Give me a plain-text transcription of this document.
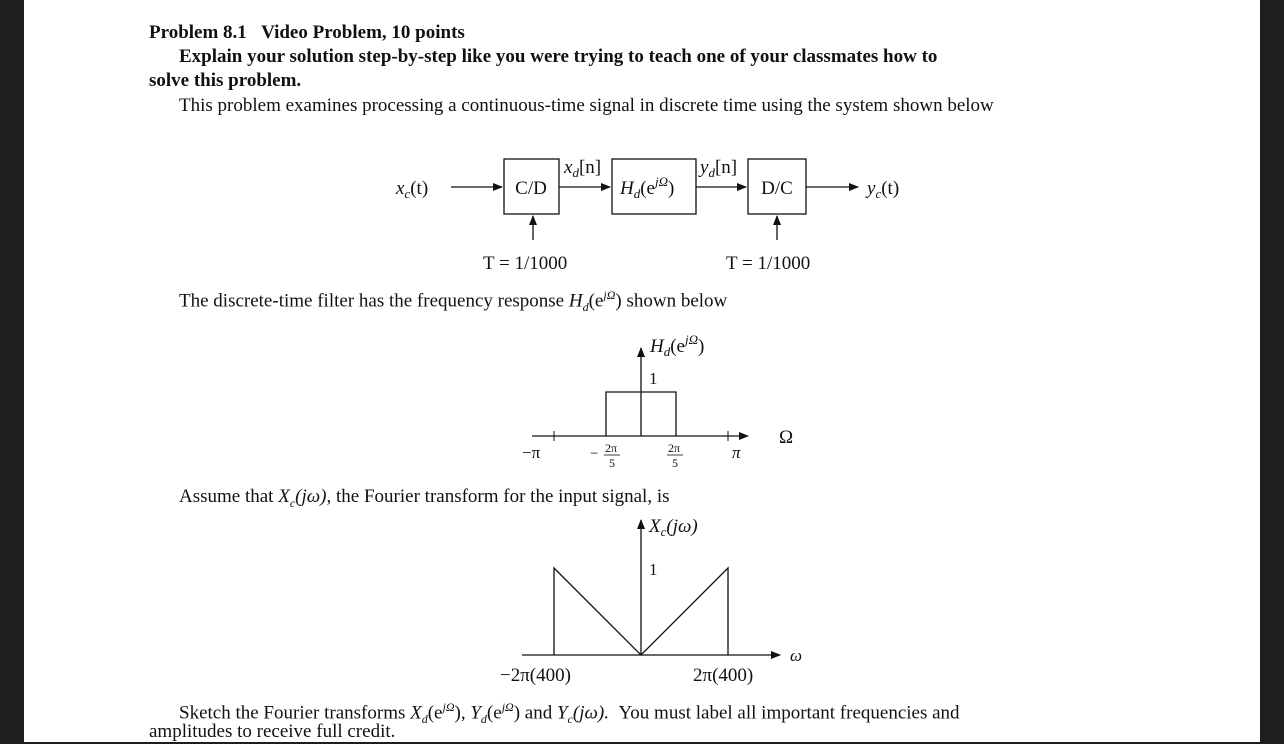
Problem 8.1 Video Problem, 10 points
Explain your solution step-by-step like you were trying to teach one of your classmates how to
solve this problem.
This problem examines processing a continuous-time signal in discrete time using the system shown below
$x_c(t)$	C/D
$x_d[n]$
$H_d(e^{j\Omega})$
$y_d[n]$
D/C	$y_c(t)$
T = 1/1000	T = 1/1000
The discrete-time filter has the frequency response $H_d(e^{j\Omega})$ shown below
$H_d(e^{j\Omega})$
1
Ω
−π	π
− 2π
5
2π
5
Assume that $X_c(j\omega)$, the Fourier transform for the input signal, is
$X_c(j\omega)$
1
ω
−2π(400)	2π(400)
Sketch the Fourier transforms $X_d(e^{j\Omega})$, $Y_d(e^{j\Omega})$ and $Y_c(j\omega)$. You must label all important frequencies and
amplitudes to receive full credit.
